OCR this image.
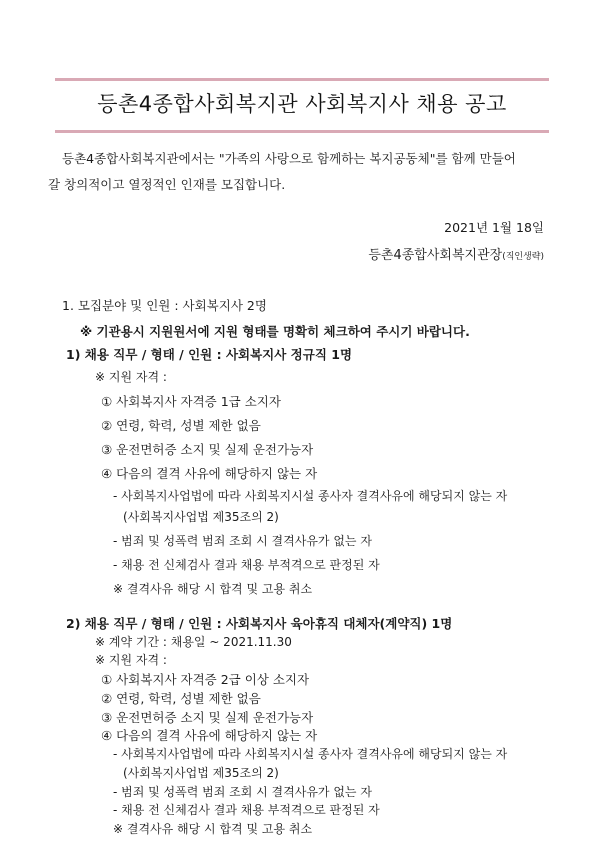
등촌4종합사회복지관 사회복지사 채용 공고
등촌4종합사회복지관에서는 "가족의 사랑으로 함께하는 복지공동체"를 함께 만들어
갈 창의적이고 열정적인 인재를 모집합니다.
2021년 1월 18일
등촌4종합사회복지관장(직인생략)
1. 모집분야 및 인원 : 사회복지사 2명
※ 기관용시 지원원서에 지원 형태를 명확히 체크하여 주시기 바랍니다.
1) 채용 직무 / 형태 / 인원 : 사회복지사 정규직 1명
※ 지원 자격 :
① 사회복지사 자격증 1급 소지자
② 연령, 학력, 성별 제한 없음
③ 운전면허증 소지 및 실제 운전가능자
④ 다음의 결격 사유에 해당하지 않는 자
- 사회복지사업법에 따라 사회복지시설 종사자 결격사유에 해당되지 않는 자
(사회복지사업법 제35조의 2)
- 범죄 및 성폭력 범죄 조회 시 결격사유가 없는 자
- 채용 전 신체검사 결과 채용 부적격으로 판정된 자
※ 결격사유 해당 시 합격 및 고용 취소
2) 채용 직무 / 형태 / 인원 : 사회복지사 육아휴직 대체자(계약직) 1명
※ 계약 기간 : 채용일 ~ 2021.11.30
※ 지원 자격 :
① 사회복지사 자격증 2급 이상 소지자
② 연령, 학력, 성별 제한 없음
③ 운전면허증 소지 및 실제 운전가능자
④ 다음의 결격 사유에 해당하지 않는 자
- 사회복지사업법에 따라 사회복지시설 종사자 결격사유에 해당되지 않는 자
(사회복지사업법 제35조의 2)
- 범죄 및 성폭력 범죄 조회 시 결격사유가 없는 자
- 채용 전 신체검사 결과 채용 부적격으로 판정된 자
※ 결격사유 해당 시 합격 및 고용 취소
